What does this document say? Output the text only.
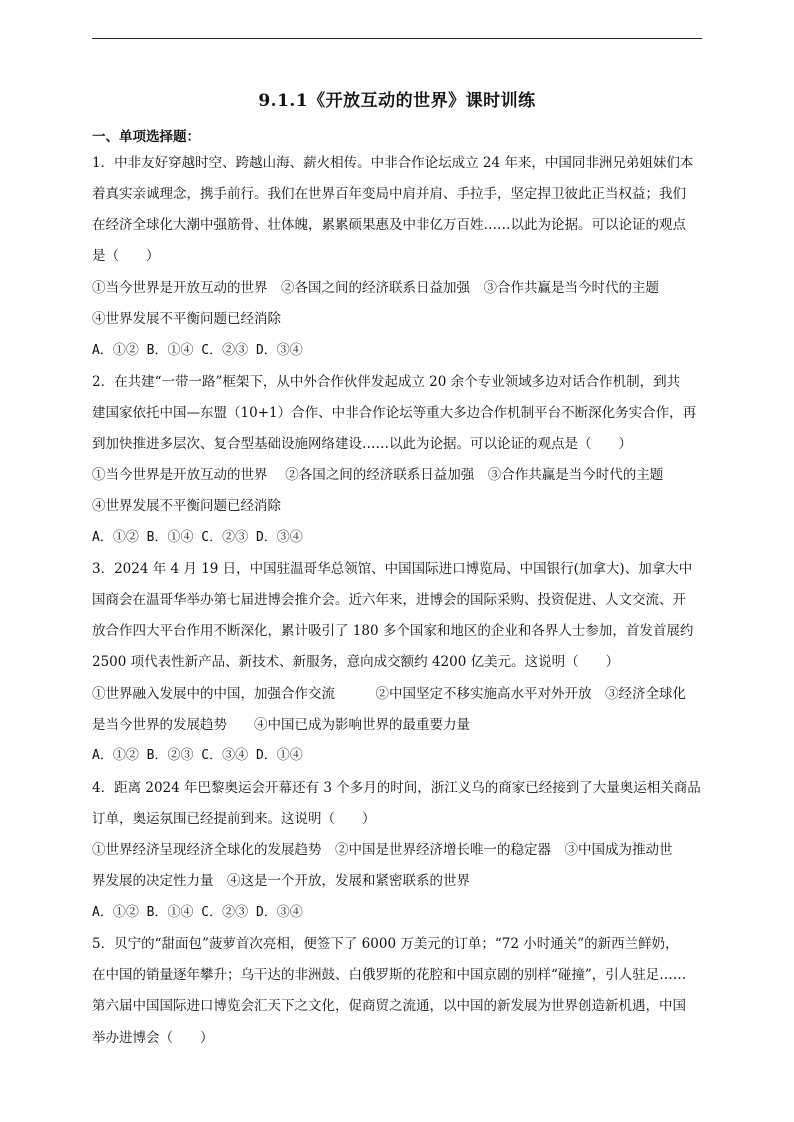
9.1.1《开放互动的世界》课时训练
一、单项选择题：
1．中非友好穿越时空、跨越山海、薪火相传。中非合作论坛成立 24 年来，中国同非洲兄弟姐妹们本
着真实亲诚理念，携手前行。我们在世界百年变局中肩并肩、手拉手，坚定捍卫彼此正当权益；我们
在经济全球化大潮中强筋骨、壮体魄，累累硕果惠及中非亿万百姓……以此为论据。可以论证的观点
是（　　）
①当今世界是开放互动的世界　②各国之间的经济联系日益加强　③合作共赢是当今时代的主题
④世界发展不平衡问题已经消除
A．①② B．①④ C．②③ D．③④
2．在共建“一带一路”框架下，从中外合作伙伴发起成立 20 余个专业领域多边对话合作机制，到共
建国家依托中国—东盟（10+1）合作、中非合作论坛等重大多边合作机制平台不断深化务实合作，再
到加快推进多层次、复合型基础设施网络建设……以此为论据。可以论证的观点是（　　）
①当今世界是开放互动的世界　 ②各国之间的经济联系日益加强　③合作共赢是当今时代的主题
④世界发展不平衡问题已经消除
A．①② B．①④ C．②③ D．③④
3．2024 年 4 月 19 日，中国驻温哥华总领馆、中国国际进口博览局、中国银行(加拿大)、加拿大中
国商会在温哥华举办第七届进博会推介会。近六年来，进博会的国际采购、投资促进、人文交流、开
放合作四大平台作用不断深化，累计吸引了 180 多个国家和地区的企业和各界人士参加，首发首展约
2500 项代表性新产品、新技术、新服务，意向成交额约 4200 亿美元。这说明（　　）
①世界融入发展中的中国，加强合作交流　　　②中国坚定不移实施高水平对外开放　③经济全球化
是当今世界的发展趋势　　④中国已成为影响世界的最重要力量
A．①② B．②③ C．③④ D．①④
4．距离 2024 年巴黎奥运会开幕还有 3 个多月的时间，浙江义乌的商家已经接到了大量奥运相关商品
订单，奥运氛围已经提前到来。这说明（　　）
①世界经济呈现经济全球化的发展趋势　②中国是世界经济增长唯一的稳定器　③中国成为推动世
界发展的决定性力量　④这是一个开放，发展和紧密联系的世界
A．①② B．①④ C．②③ D．③④
5．贝宁的“甜面包”菠萝首次亮相，便签下了 6000 万美元的订单；“72 小时通关”的新西兰鲜奶，
在中国的销量逐年攀升；乌干达的非洲鼓、白俄罗斯的花腔和中国京剧的别样“碰撞”，引人驻足……
第六届中国国际进口博览会汇天下之文化，促商贸之流通，以中国的新发展为世界创造新机遇，中国
举办进博会（　　）
